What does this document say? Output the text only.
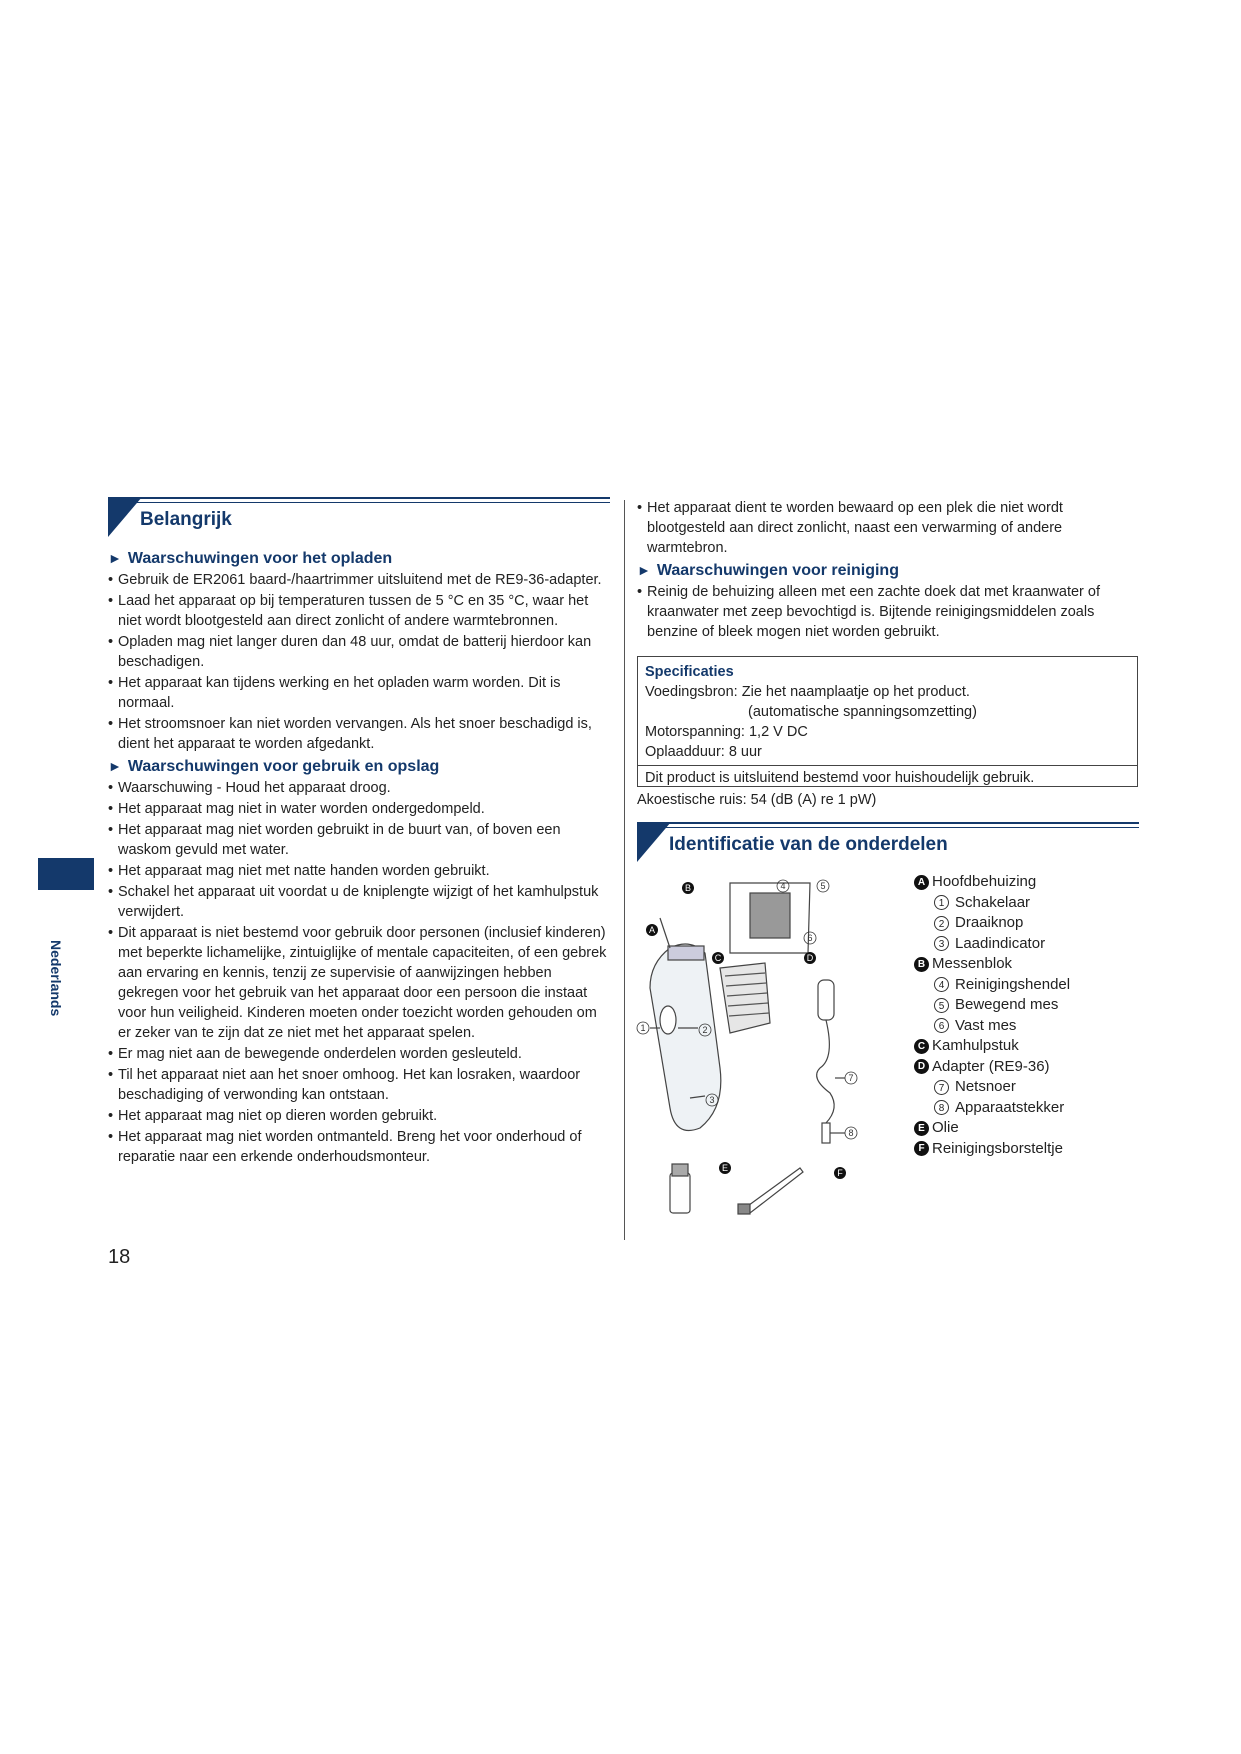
Belangrijk
► Waarschuwingen voor het opladen
• Gebruik de ER2061 baard-/haartrimmer uitsluitend met de RE9-36-adapter.
• Laad het apparaat op bij temperaturen tussen de 5 °C en 35 °C, waar het niet wordt blootgesteld aan direct zonlicht of andere warmtebronnen.
• Opladen mag niet langer duren dan 48 uur, omdat de batterij hierdoor kan beschadigen.
• Het apparaat kan tijdens werking en het opladen warm worden. Dit is normaal.
• Het stroomsnoer kan niet worden vervangen. Als het snoer beschadigd is, dient het apparaat te worden afgedankt.
► Waarschuwingen voor gebruik en opslag
• Waarschuwing - Houd het apparaat droog.
• Het apparaat mag niet in water worden ondergedompeld.
• Het apparaat mag niet worden gebruikt in de buurt van, of boven een waskom gevuld met water.
• Het apparaat mag niet met natte handen worden gebruikt.
• Schakel het apparaat uit voordat u de kniplengte wijzigt of het kamhulpstuk verwijdert.
• Dit apparaat is niet bestemd voor gebruik door personen (inclusief kinderen) met beperkte lichamelijke, zintuiglijke of mentale capaciteiten, of een gebrek aan ervaring en kennis, tenzij ze supervisie of aanwijzingen hebben gekregen voor het gebruik van het apparaat door een persoon die instaat voor hun veiligheid. Kinderen moeten onder toezicht worden gehouden om er zeker van te zijn dat ze niet met het apparaat spelen.
• Er mag niet aan de bewegende onderdelen worden gesleuteld.
• Til het apparaat niet aan het snoer omhoog. Het kan losraken, waardoor beschadiging of verwonding kan ontstaan.
• Het apparaat mag niet op dieren worden gebruikt.
• Het apparaat mag niet worden ontmanteld. Breng het voor onderhoud of reparatie naar een erkende onderhoudsmonteur.
Nederlands
18
• Het apparaat dient te worden bewaard op een plek die niet wordt blootgesteld aan direct zonlicht, naast een verwarming of andere warmtebron.
► Waarschuwingen voor reiniging
• Reinig de behuizing alleen met een zachte doek dat met kraanwater of kraanwater met zeep bevochtigd is. Bijtende reinigingsmiddelen zoals benzine of bleek mogen niet worden gebruikt.
Specificaties
Voedingsbron: Zie het naamplaatje op het product.
(automatische spanningsomzetting)
Motorspanning: 1,2 V DC
Oplaadduur: 8 uur
Dit product is uitsluitend bestemd voor huishoudelijk gebruik.
Akoestische ruis: 54 (dB (A) re 1 pW)
Identificatie van de onderdelen
A
B
C	D
E	F
1	2
3
4	5
6
7
8
A Hoofdbehuizing
1 Schakelaar
2 Draaiknop
3 Laadindicator
B Messenblok
4 Reinigingshendel
5 Bewegend mes
6 Vast mes
C Kamhulpstuk
D Adapter (RE9-36)
7 Netsnoer
8 Apparaatstekker
E Olie
F Reinigingsborsteltje
